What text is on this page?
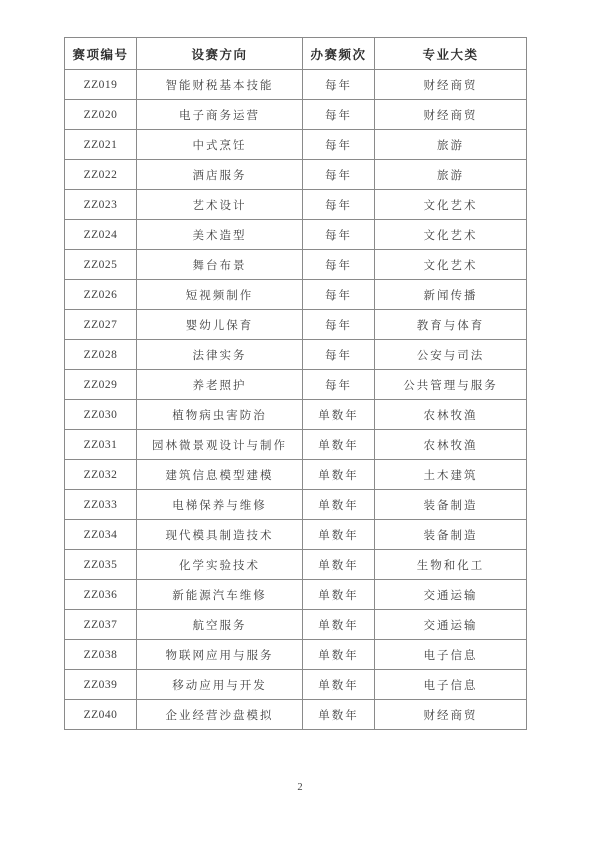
赛项编号	设赛方向	办赛频次	专业大类
ZZ019	智能财税基本技能	每年	财经商贸
ZZ020	电子商务运营	每年	财经商贸
ZZ021	中式烹饪	每年	旅游
ZZ022	酒店服务	每年	旅游
ZZ023	艺术设计	每年	文化艺术
ZZ024	美术造型	每年	文化艺术
ZZ025	舞台布景	每年	文化艺术
ZZ026	短视频制作	每年	新闻传播
ZZ027	婴幼儿保育	每年	教育与体育
ZZ028	法律实务	每年	公安与司法
ZZ029	养老照护	每年	公共管理与服务
ZZ030	植物病虫害防治	单数年	农林牧渔
ZZ031	园林微景观设计与制作	单数年	农林牧渔
ZZ032	建筑信息模型建模	单数年	土木建筑
ZZ033	电梯保养与维修	单数年	装备制造
ZZ034	现代模具制造技术	单数年	装备制造
ZZ035	化学实验技术	单数年	生物和化工
ZZ036	新能源汽车维修	单数年	交通运输
ZZ037	航空服务	单数年	交通运输
ZZ038	物联网应用与服务	单数年	电子信息
ZZ039	移动应用与开发	单数年	电子信息
ZZ040	企业经营沙盘模拟	单数年	财经商贸
2
